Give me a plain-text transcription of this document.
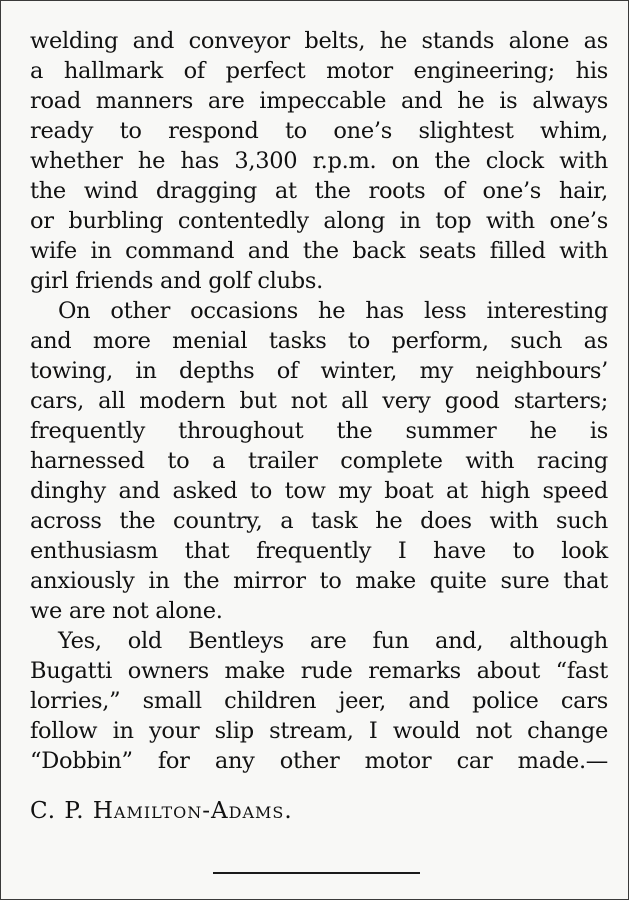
welding and conveyor belts, he stands alone as
a hallmark of perfect motor engineering; his
road manners are impeccable and he is always
ready to respond to one’s slightest whim,
whether he has 3,300 r.p.m. on the clock with
the wind dragging at the roots of one’s hair,
or burbling contentedly along in top with one’s
wife in command and the back seats filled with
girl friends and golf clubs.
On other occasions he has less interesting
and more menial tasks to perform, such as
towing, in depths of winter, my neighbours’
cars, all modern but not all very good starters;
frequently throughout the summer he is
harnessed to a trailer complete with racing
dinghy and asked to tow my boat at high speed
across the country, a task he does with such
enthusiasm that frequently I have to look
anxiously in the mirror to make quite sure that
we are not alone.
Yes, old Bentleys are fun and, although
Bugatti owners make rude remarks about “fast
lorries,” small children jeer, and police cars
follow in your slip stream, I would not change
“Dobbin” for any other motor car made.—
C. P. Hamilton-Adams.
